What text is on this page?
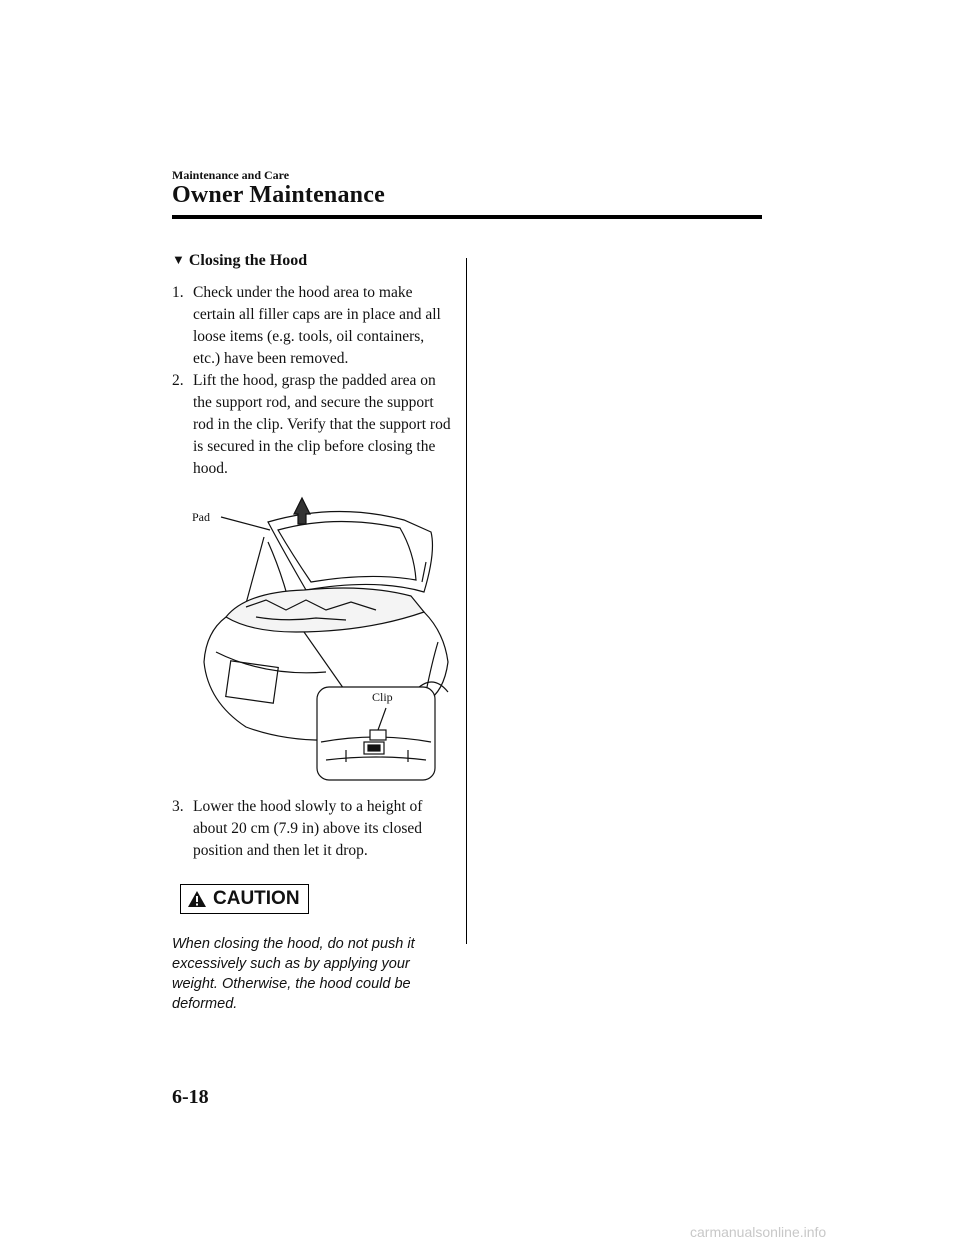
Maintenance and Care
Owner Maintenance
▼ Closing the Hood

1. Check under the hood area to make certain all filler caps are in place and all loose items (e.g. tools, oil containers, etc.) have been removed.

2. Lift the hood, grasp the padded area on the support rod, and secure the support rod in the clip. Verify that the support rod is secured in the clip before closing the hood.

Pad
Clip

3. Lower the hood slowly to a height of about 20 cm (7.9 in) above its closed position and then let it drop.

CAUTION

When closing the hood, do not push it excessively such as by applying your weight. Otherwise, the hood could be deformed.

6-18
carmanualsonline.info
